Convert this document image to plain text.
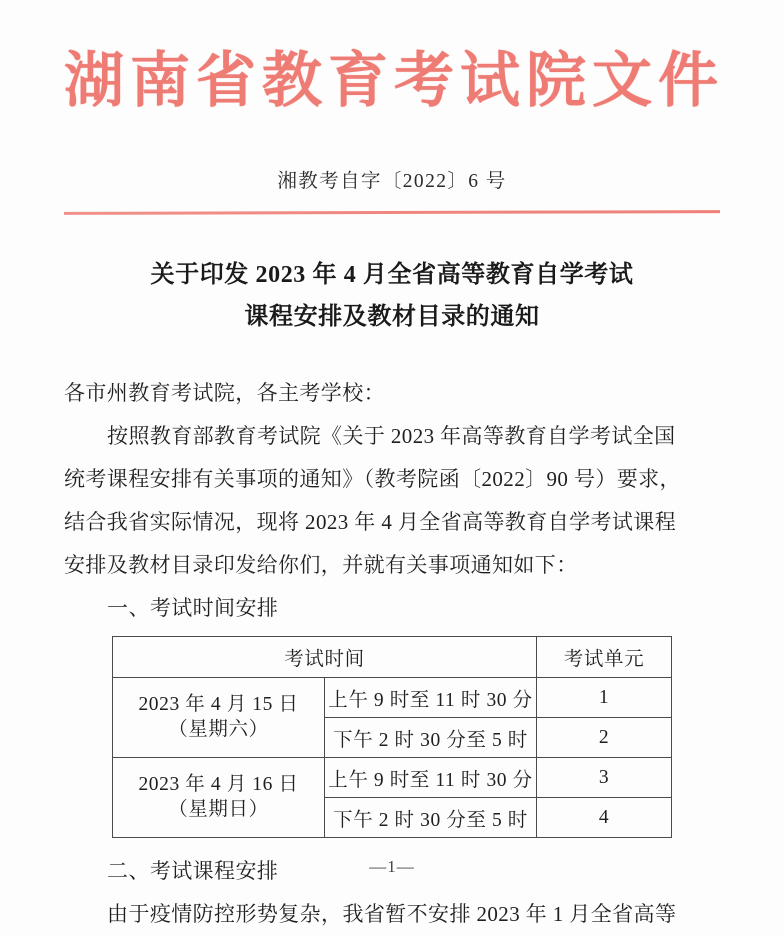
湖南省教育考试院文件
湘教考自字〔2022〕6 号
关于印发 2023 年 4 月全省高等教育自学考试
课程安排及教材目录的通知
各市州教育考试院，各主考学校：
按照教育部教育考试院《关于 2023 年高等教育自学考试全国
统考课程安排有关事项的通知》（教考院函〔2022〕90 号）要求，
结合我省实际情况，现将 2023 年 4 月全省高等教育自学考试课程
安排及教材目录印发给你们，并就有关事项通知如下：
一、考试时间安排
考试时间		考试单元

2023 年 4 月 15 日
（星期六）	上午 9 时至 11 时 30 分	1
	下午 2 时 30 分至 5 时	2

2023 年 4 月 16 日
（星期日）	上午 9 时至 11 时 30 分	3
	下午 2 时 30 分至 5 时	4
二、考试课程安排
由于疫情防控形势复杂，我省暂不安排 2023 年 1 月全省高等
—1—
